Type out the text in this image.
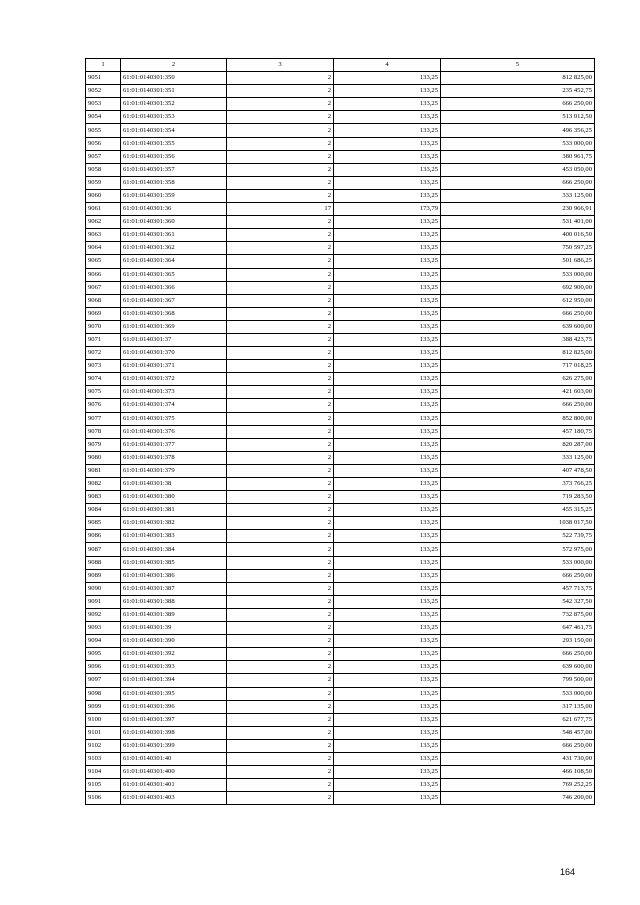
1	2	3	4	5
9051	61:01:0140301:350	2	133,25	812 825,00
9052	61:01:0140301:351	2	133,25	235 452,75
9053	61:01:0140301:352	2	133,25	666 250,00
9054	61:01:0140301:353	2	133,25	513 012,50
9055	61:01:0140301:354	2	133,25	496 356,25
9056	61:01:0140301:355	2	133,25	533 000,00
9057	61:01:0140301:356	2	133,25	380 961,75
9058	61:01:0140301:357	2	133,25	453 050,00
9059	61:01:0140301:358	2	133,25	666 250,00
9060	61:01:0140301:359	2	133,25	333 125,00
9061	61:01:0140301:36	17	173,79	230 966,91
9062	61:01:0140301:360	2	133,25	531 401,00
9063	61:01:0140301:361	2	133,25	400 016,50
9064	61:01:0140301:362	2	133,25	750 597,25
9065	61:01:0140301:364	2	133,25	501 686,25
9066	61:01:0140301:365	2	133,25	533 000,00
9067	61:01:0140301:366	2	133,25	692 900,00
9068	61:01:0140301:367	2	133,25	612 950,00
9069	61:01:0140301:368	2	133,25	666 250,00
9070	61:01:0140301:369	2	133,25	639 600,00
9071	61:01:0140301:37	2	133,25	388 423,75
9072	61:01:0140301:370	2	133,25	812 825,00
9073	61:01:0140301:371	2	133,25	717 018,25
9074	61:01:0140301:372	2	133,25	626 275,00
9075	61:01:0140301:373	2	133,25	421 603,00
9076	61:01:0140301:374	2	133,25	666 250,00
9077	61:01:0140301:375	2	133,25	852 800,00
9078	61:01:0140301:376	2	133,25	457 180,75
9079	61:01:0140301:377	2	133,25	820 287,00
9080	61:01:0140301:378	2	133,25	333 125,00
9081	61:01:0140301:379	2	133,25	407 478,50
9082	61:01:0140301:38	2	133,25	373 766,25
9083	61:01:0140301:380	2	133,25	719 283,50
9084	61:01:0140301:381	2	133,25	455 315,25
9085	61:01:0140301:382	2	133,25	1038 017,50
9086	61:01:0140301:383	2	133,25	522 739,75
9087	61:01:0140301:384	2	133,25	572 975,00
9088	61:01:0140301:385	2	133,25	533 000,00
9089	61:01:0140301:386	2	133,25	666 250,00
9090	61:01:0140301:387	2	133,25	457 713,75
9091	61:01:0140301:388	2	133,25	542 327,50
9092	61:01:0140301:389	2	133,25	732 875,00
9093	61:01:0140301:39	2	133,25	647 461,75
9094	61:01:0140301:390	2	133,25	293 150,00
9095	61:01:0140301:392	2	133,25	666 250,00
9096	61:01:0140301:393	2	133,25	639 600,00
9097	61:01:0140301:394	2	133,25	799 500,00
9098	61:01:0140301:395	2	133,25	533 000,00
9099	61:01:0140301:396	2	133,25	317 135,00
9100	61:01:0140301:397	2	133,25	621 677,75
9101	61:01:0140301:398	2	133,25	548 457,00
9102	61:01:0140301:399	2	133,25	666 250,00
9103	61:01:0140301:40	2	133,25	431 730,00
9104	61:01:0140301:400	2	133,25	466 108,50
9105	61:01:0140301:401	2	133,25	769 252,25
9106	61:01:0140301:403	2	133,25	746 200,00
164
